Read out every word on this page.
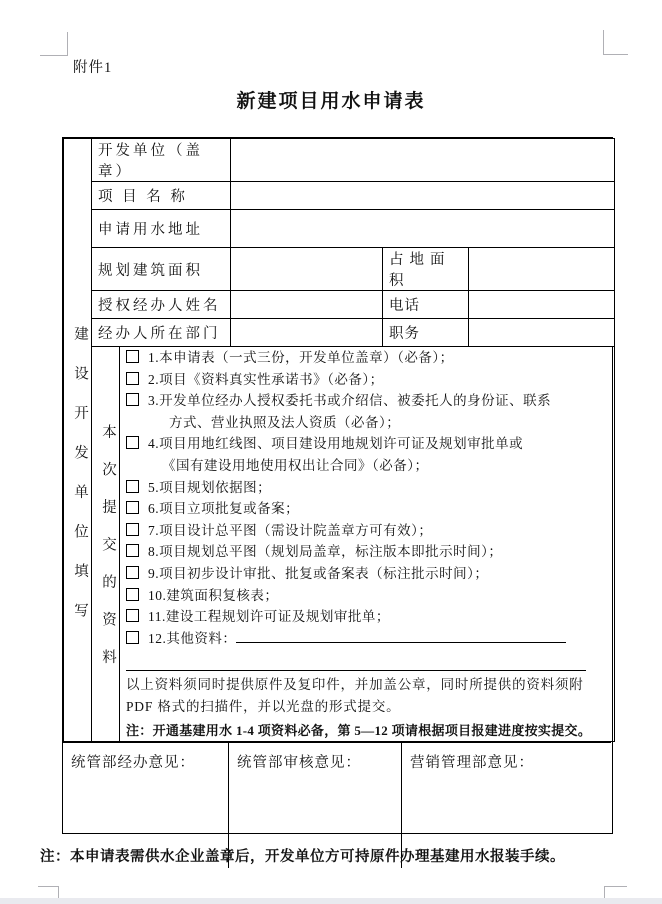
附件1
新建项目用水申请表
建设开发单位填写	开发单位（盖章）				
	项 目 名 称				
	申请用水地址				
	规划建筑面积			占地面积	
	授权经办人姓名			电话	
	经办人所在部门			职务	
本次提交的资料	
1.本申请表（一式三份，开发单位盖章）（必备）；
2.项目《资料真实性承诺书》（必备）；
3.开发单位经办人授权委托书或介绍信、被委托人的身份证、联系
方式、营业执照及法人资质（必备）；
4.项目用地红线图、项目建设用地规划许可证及规划审批单或
《国有建设用地使用权出让合同》（必备）；
5.项目规划依据图；
6.项目立项批复或备案；
7.项目设计总平图（需设计院盖章方可有效）；
8.项目规划总平图（规划局盖章，标注版本即批示时间）；
9.项目初步设计审批、批复或备案表（标注批示时间）；
10.建筑面积复核表；
11.建设工程规划许可证及规划审批单；
12.其他资料：
以上资料须同时提供原件及复印件，并加盖公章，同时所提供的资料须附 PDF 格式的扫描件，并以光盘的形式提交。
注：开通基建用水 1-4 项资料必备，第 5—12 项请根据项目报建进度按实提交。
统管部经办意见：	统管部审核意见：	营销管理部意见：
注：本申请表需供水企业盖章后，开发单位方可持原件办理基建用水报装手续。
